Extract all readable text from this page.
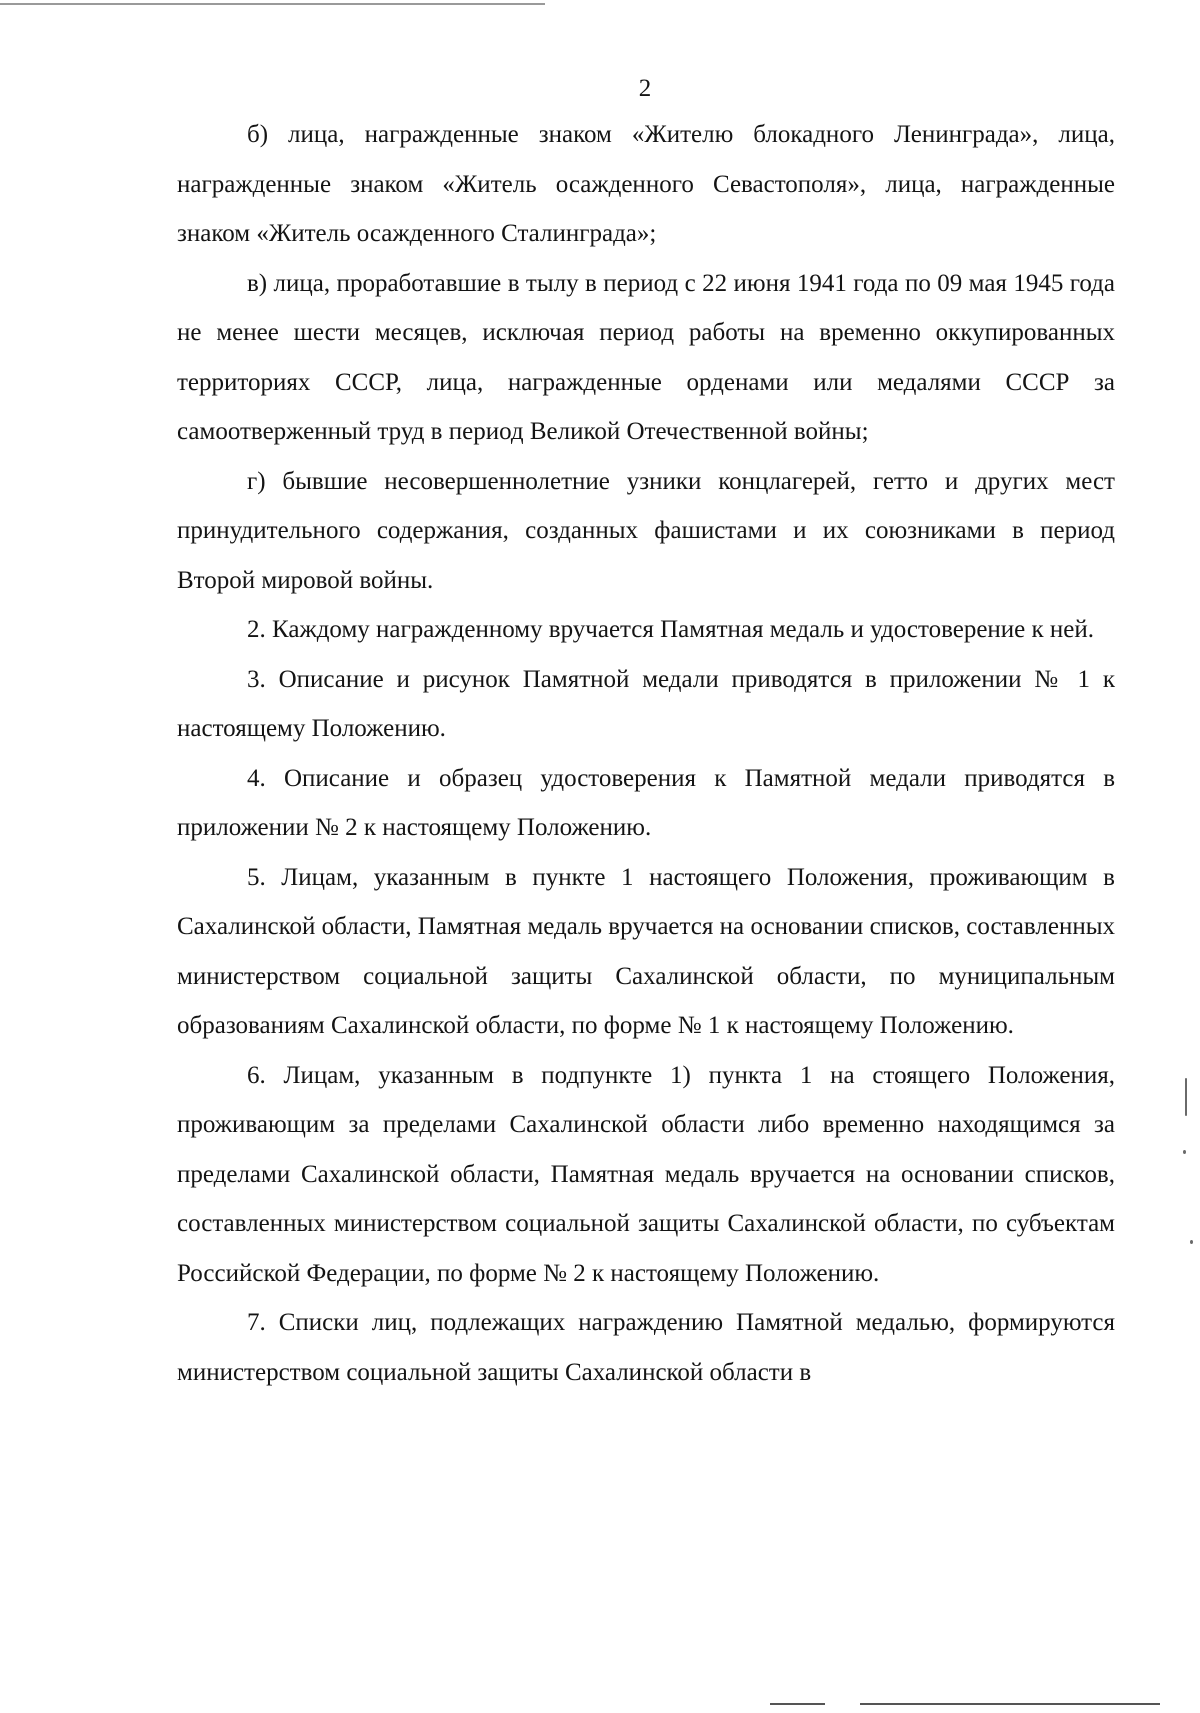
2

б) лица, награжденные знаком «Жителю блокадного Ленинграда», лица, награжденные знаком «Житель осажденного Севастополя», лица, награжденные знаком «Житель осажденного Сталинграда»;

в) лица, проработавшие в тылу в период с 22 июня 1941 года по 09 мая 1945 года не менее шести месяцев, исключая период работы на временно оккупированных территориях СССР, лица, награжденные орденами или медалями СССР за самоотверженный труд в период Великой Отечественной войны;

г) бывшие несовершеннолетние узники концлагерей, гетто и других мест принудительного содержания, созданных фашистами и их союзниками в период Второй мировой войны.

2. Каждому награжденному вручается Памятная медаль и удостоверение к ней.

3. Описание и рисунок Памятной медали приводятся в приложении № 1 к настоящему Положению.

4. Описание и образец удостоверения к Памятной медали приводятся в приложении № 2 к настоящему Положению.

5. Лицам, указанным в пункте 1 настоящего Положения, проживающим в Сахалинской области, Памятная медаль вручается на основании списков, составленных министерством социальной защиты Сахалинской области, по муниципальным образованиям Сахалинской области, по форме № 1 к настоящему Положению.

6. Лицам, указанным в подпункте 1) пункта 1 на стоящего Положения, проживающим за пределами Сахалинской области либо временно находящимся за пределами Сахалинской области, Памятная медаль вручается на основании списков, составленных министерством социальной защиты Сахалинской области, по субъектам Российской Федерации, по форме № 2 к настоящему Положению.

7. Списки лиц, подлежащих награждению Памятной медалью, формируются министерством социальной защиты Сахалинской области в
